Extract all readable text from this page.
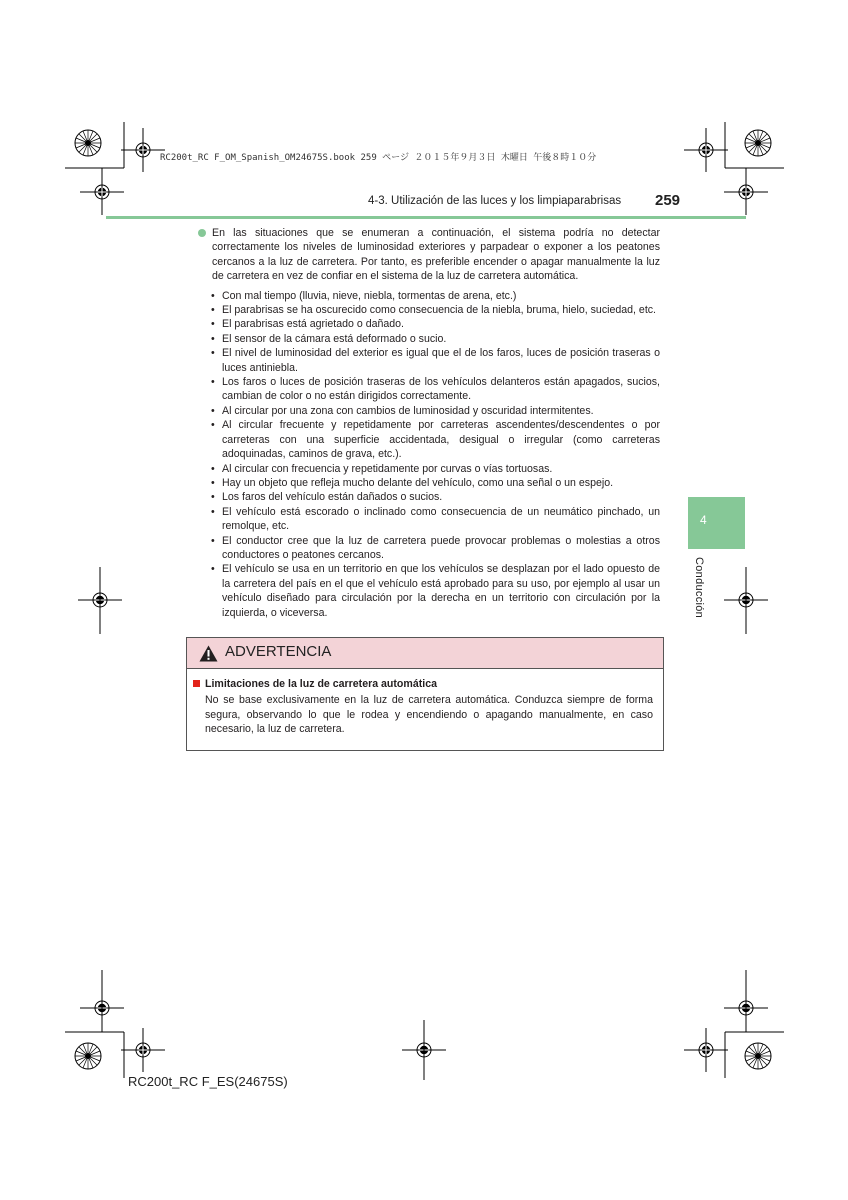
RC200t_RC F_OM_Spanish_OM24675S.book 259 ページ ２０１５年９月３日 木曜日 午後８時１０分
4-3. Utilización de las luces y los limpiaparabrisas 259
4
Conducción

En las situaciones que se enumeran a continuación, el sistema podría no detectar correctamente los niveles de luminosidad exteriores y parpadear o exponer a los peatones cercanos a la luz de carretera. Por tanto, es preferible encender o apagar manualmente la luz de carretera en vez de confiar en el sistema de la luz de carretera automática.

• Con mal tiempo (lluvia, nieve, niebla, tormentas de arena, etc.)
• El parabrisas se ha oscurecido como consecuencia de la niebla, bruma, hielo, suciedad, etc.
• El parabrisas está agrietado o dañado.
• El sensor de la cámara está deformado o sucio.
• El nivel de luminosidad del exterior es igual que el de los faros, luces de posición traseras o luces antiniebla.
• Los faros o luces de posición traseras de los vehículos delanteros están apagados, sucios, cambian de color o no están dirigidos correctamente.
• Al circular por una zona con cambios de luminosidad y oscuridad intermitentes.
• Al circular frecuente y repetidamente por carreteras ascendentes/descendentes o por carreteras con una superficie accidentada, desigual o irregular (como carreteras adoquinadas, caminos de grava, etc.).
• Al circular con frecuencia y repetidamente por curvas o vías tortuosas.
• Hay un objeto que refleja mucho delante del vehículo, como una señal o un espejo.
• Los faros del vehículo están dañados o sucios.
• El vehículo está escorado o inclinado como consecuencia de un neumático pinchado, un remolque, etc.
• El conductor cree que la luz de carretera puede provocar problemas o molestias a otros conductores o peatones cercanos.
• El vehículo se usa en un territorio en que los vehículos se desplazan por el lado opuesto de la carretera del país en el que el vehículo está aprobado para su uso, por ejemplo al usar un vehículo diseñado para circulación por la derecha en un territorio con circulación por la izquierda, o viceversa.
ADVERTENCIA
Limitaciones de la luz de carretera automática
No se base exclusivamente en la luz de carretera automática. Conduzca siempre de forma segura, observando lo que le rodea y encendiendo o apagando manualmente, en caso necesario, la luz de carretera.
RC200t_RC F_ES(24675S)
